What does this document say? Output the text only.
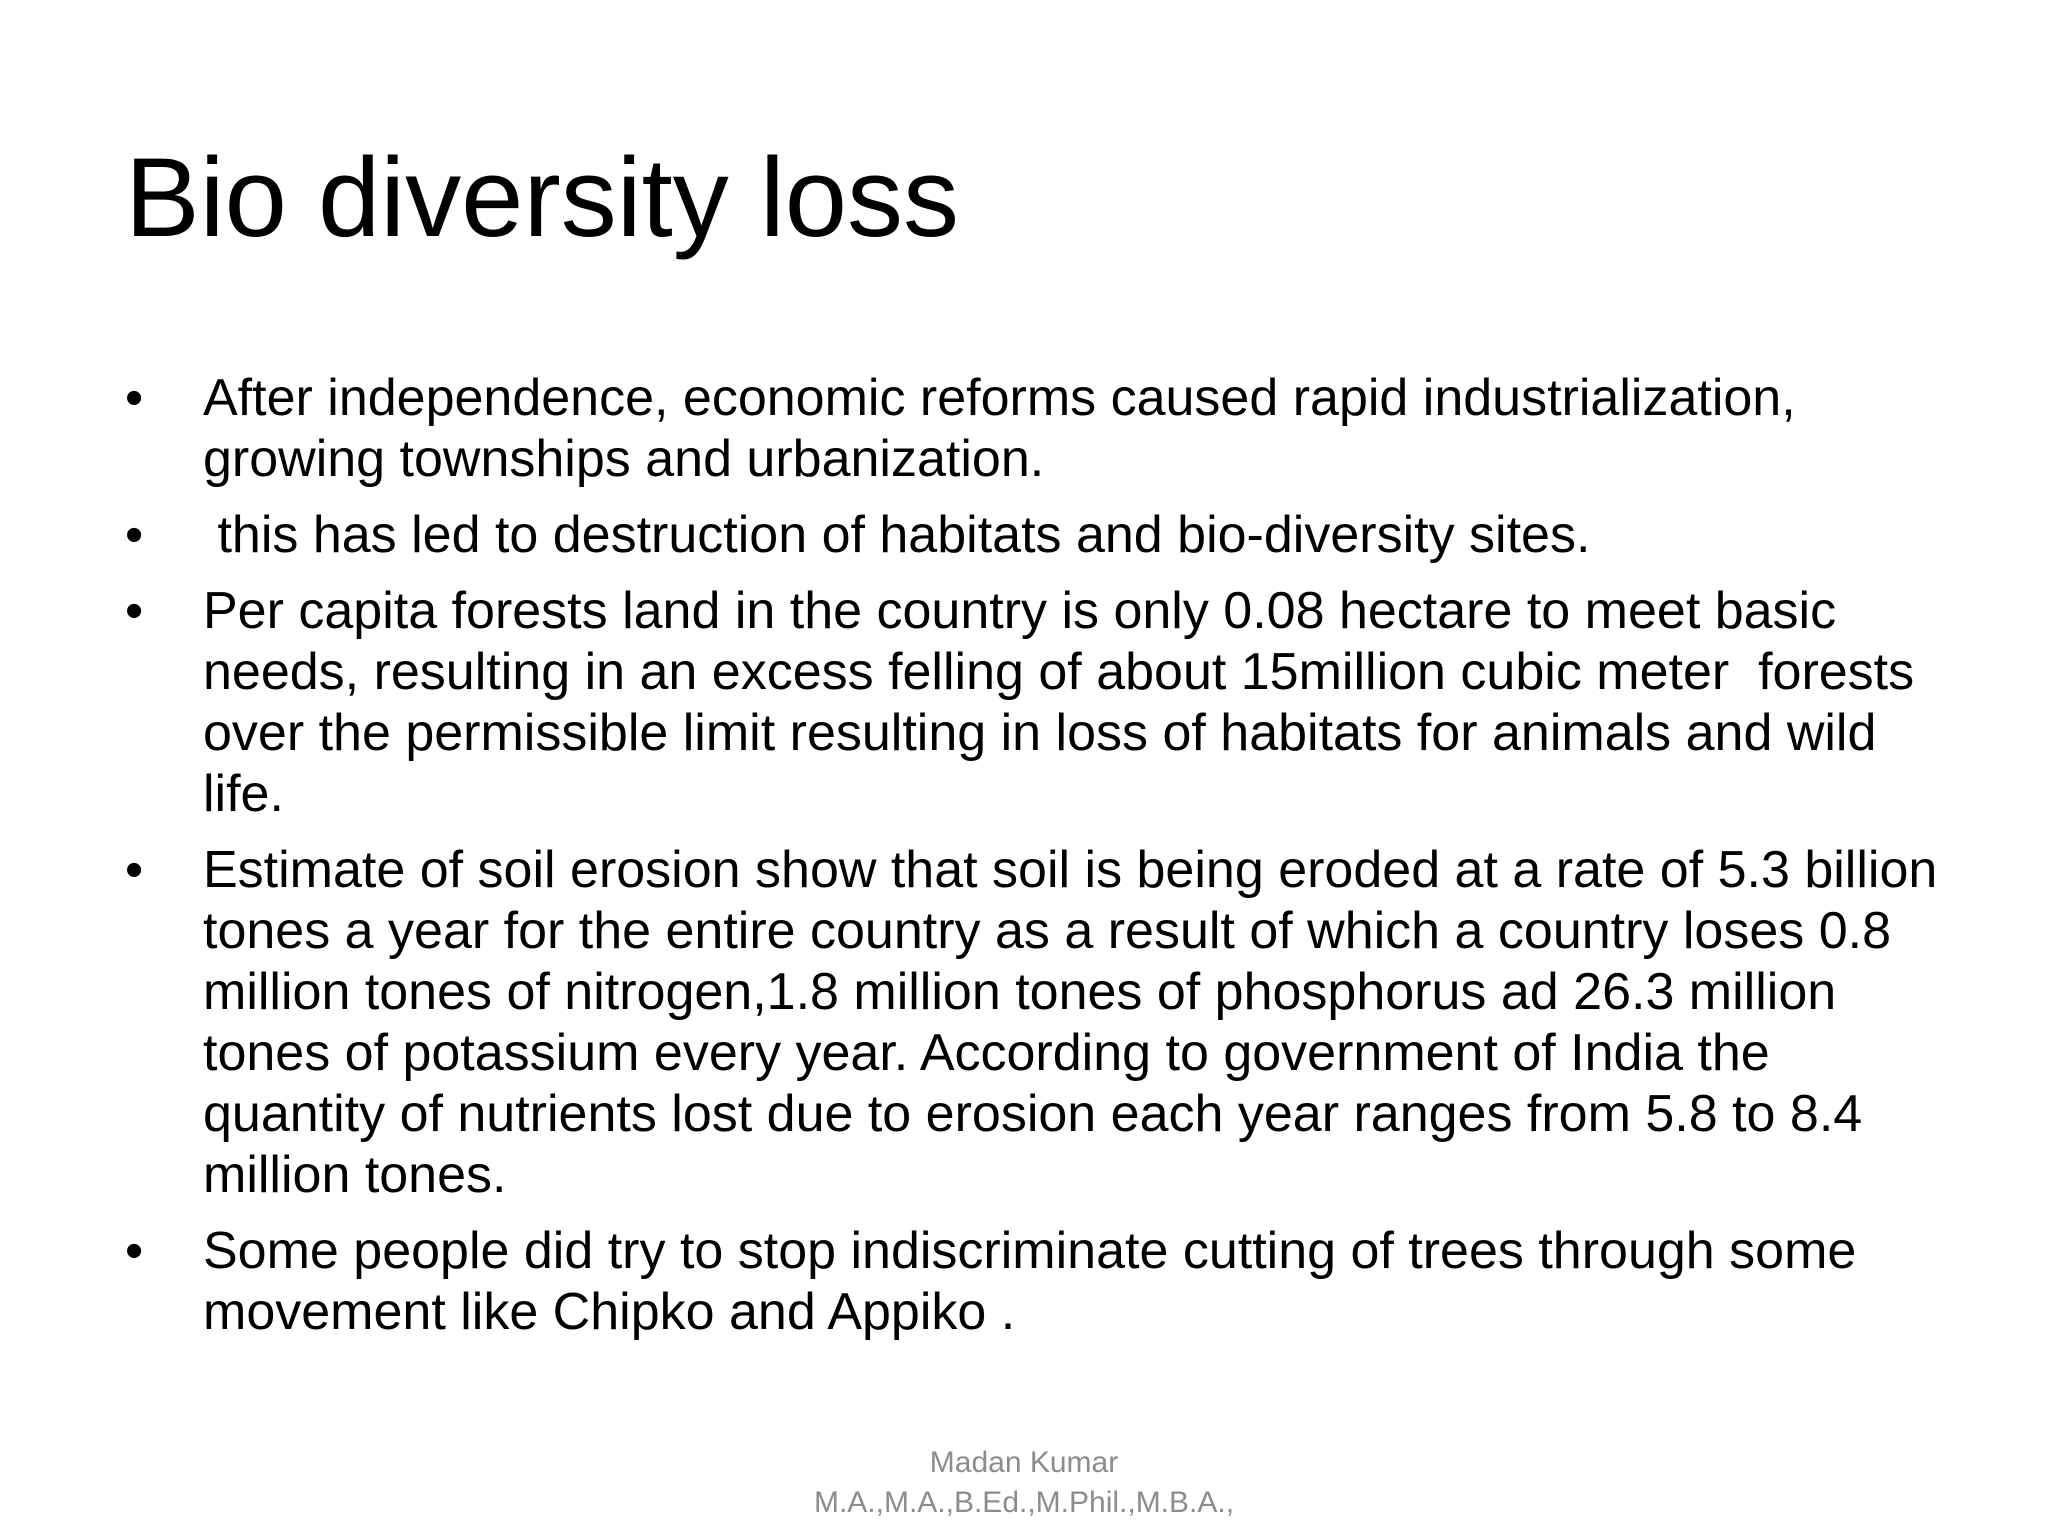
Bio diversity loss
•	After independence, economic reforms caused rapid industrialization, growing townships and urbanization.
•	this has led to destruction of habitats and bio-diversity sites.
•	Per capita forests land in the country is only 0.08 hectare to meet basic needs, resulting in an excess felling of about 15million cubic meter  forests over the permissible limit resulting in loss of habitats for animals and wild life.
•	Estimate of soil erosion show that soil is being eroded at a rate of 5.3 billion tones a year for the entire country as a result of which a country loses 0.8 million tones of nitrogen,1.8 million tones of phosphorus ad 26.3 million tones of potassium every year. According to government of India the quantity of nutrients lost due to erosion each year ranges from 5.8 to 8.4 million tones.
•	Some people did try to stop indiscriminate cutting of trees through some movement like Chipko and Appiko .
Madan Kumar
M.A.,M.A.,B.Ed.,M.Phil.,M.B.A.,
